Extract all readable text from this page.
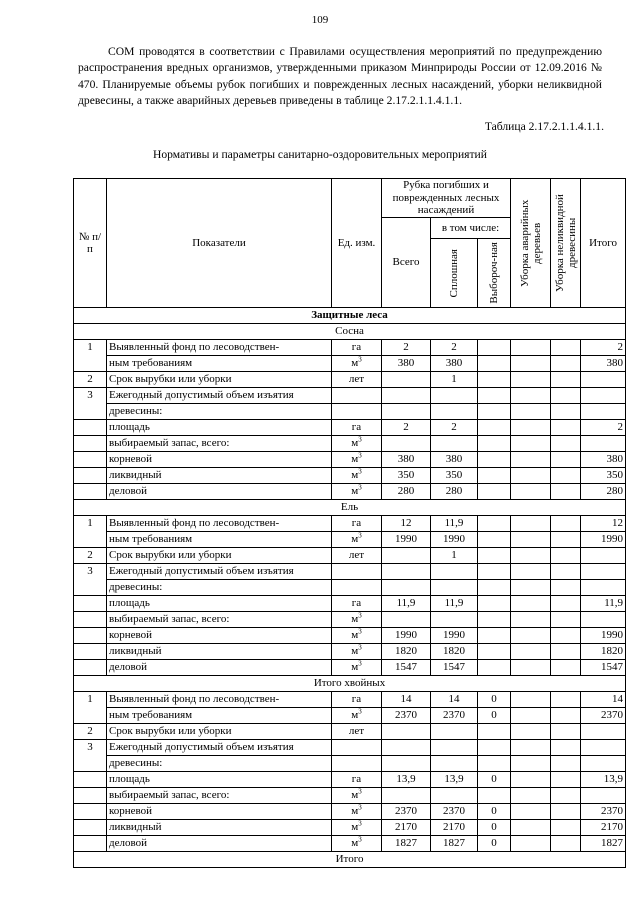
109

СОМ проводятся в соответствии с Правилами осуществления мероприятий по предупреждению распространения вредных организмов, утвержденными приказом Минприроды России от 12.09.2016 № 470. Планируемые объемы рубок погибших и поврежденных лесных насаждений, уборки неликвидной древесины, а также аварийных деревьев приведены в таблице 2.17.2.1.1.4.1.1.

Таблица 2.17.2.1.1.4.1.1.
Нормативы и параметры санитарно-оздоровительных мероприятий
№ п/п	Показатели	Ед. изм.	Рубка погибших и поврежденных лесных насаждений			Уборка аварийных деревьев	Уборка неликвидной древесины	Итого
			Всего	в том числе:				

				Сплошная	Выбороч-ная			

Защитные леса								
Сосна								
1	Выявленный фонд по лесоводствен-	га	2	2				2
	ным требованиям	$м^3$	380	380				380
2	Срок вырубки или уборки	лет		1				
3	Ежегодный допустимый объем изъятия							
	древесины:							
	площадь	га	2	2				2
	выбираемый запас, всего:	$м^3$						
	корневой	$м^3$	380	380				380
	ликвидный	$м^3$	350	350				350
	деловой	$м^3$	280	280				280
Ель								
1	Выявленный фонд по лесоводствен-	га	12	11,9				12
	ным требованиям	$м^3$	1990	1990				1990
2	Срок вырубки или уборки	лет		1				
3	Ежегодный допустимый объем изъятия							
	древесины:							
	площадь	га	11,9	11,9				11,9
	выбираемый запас, всего:	$м^3$						
	корневой	$м^3$	1990	1990				1990
	ликвидный	$м^3$	1820	1820				1820
	деловой	$м^3$	1547	1547				1547
Итого хвойных								
1	Выявленный фонд по лесоводствен-	га	14	14	0			14
	ным требованиям	$м^3$	2370	2370	0			2370
2	Срок вырубки или уборки	лет						
3	Ежегодный допустимый объем изъятия							
	древесины:							
	площадь	га	13,9	13,9	0			13,9
	выбираемый запас, всего:	$м^3$						
	корневой	$м^3$	2370	2370	0			2370
	ликвидный	$м^3$	2170	2170	0			2170
	деловой	$м^3$	1827	1827	0			1827
Итого								
